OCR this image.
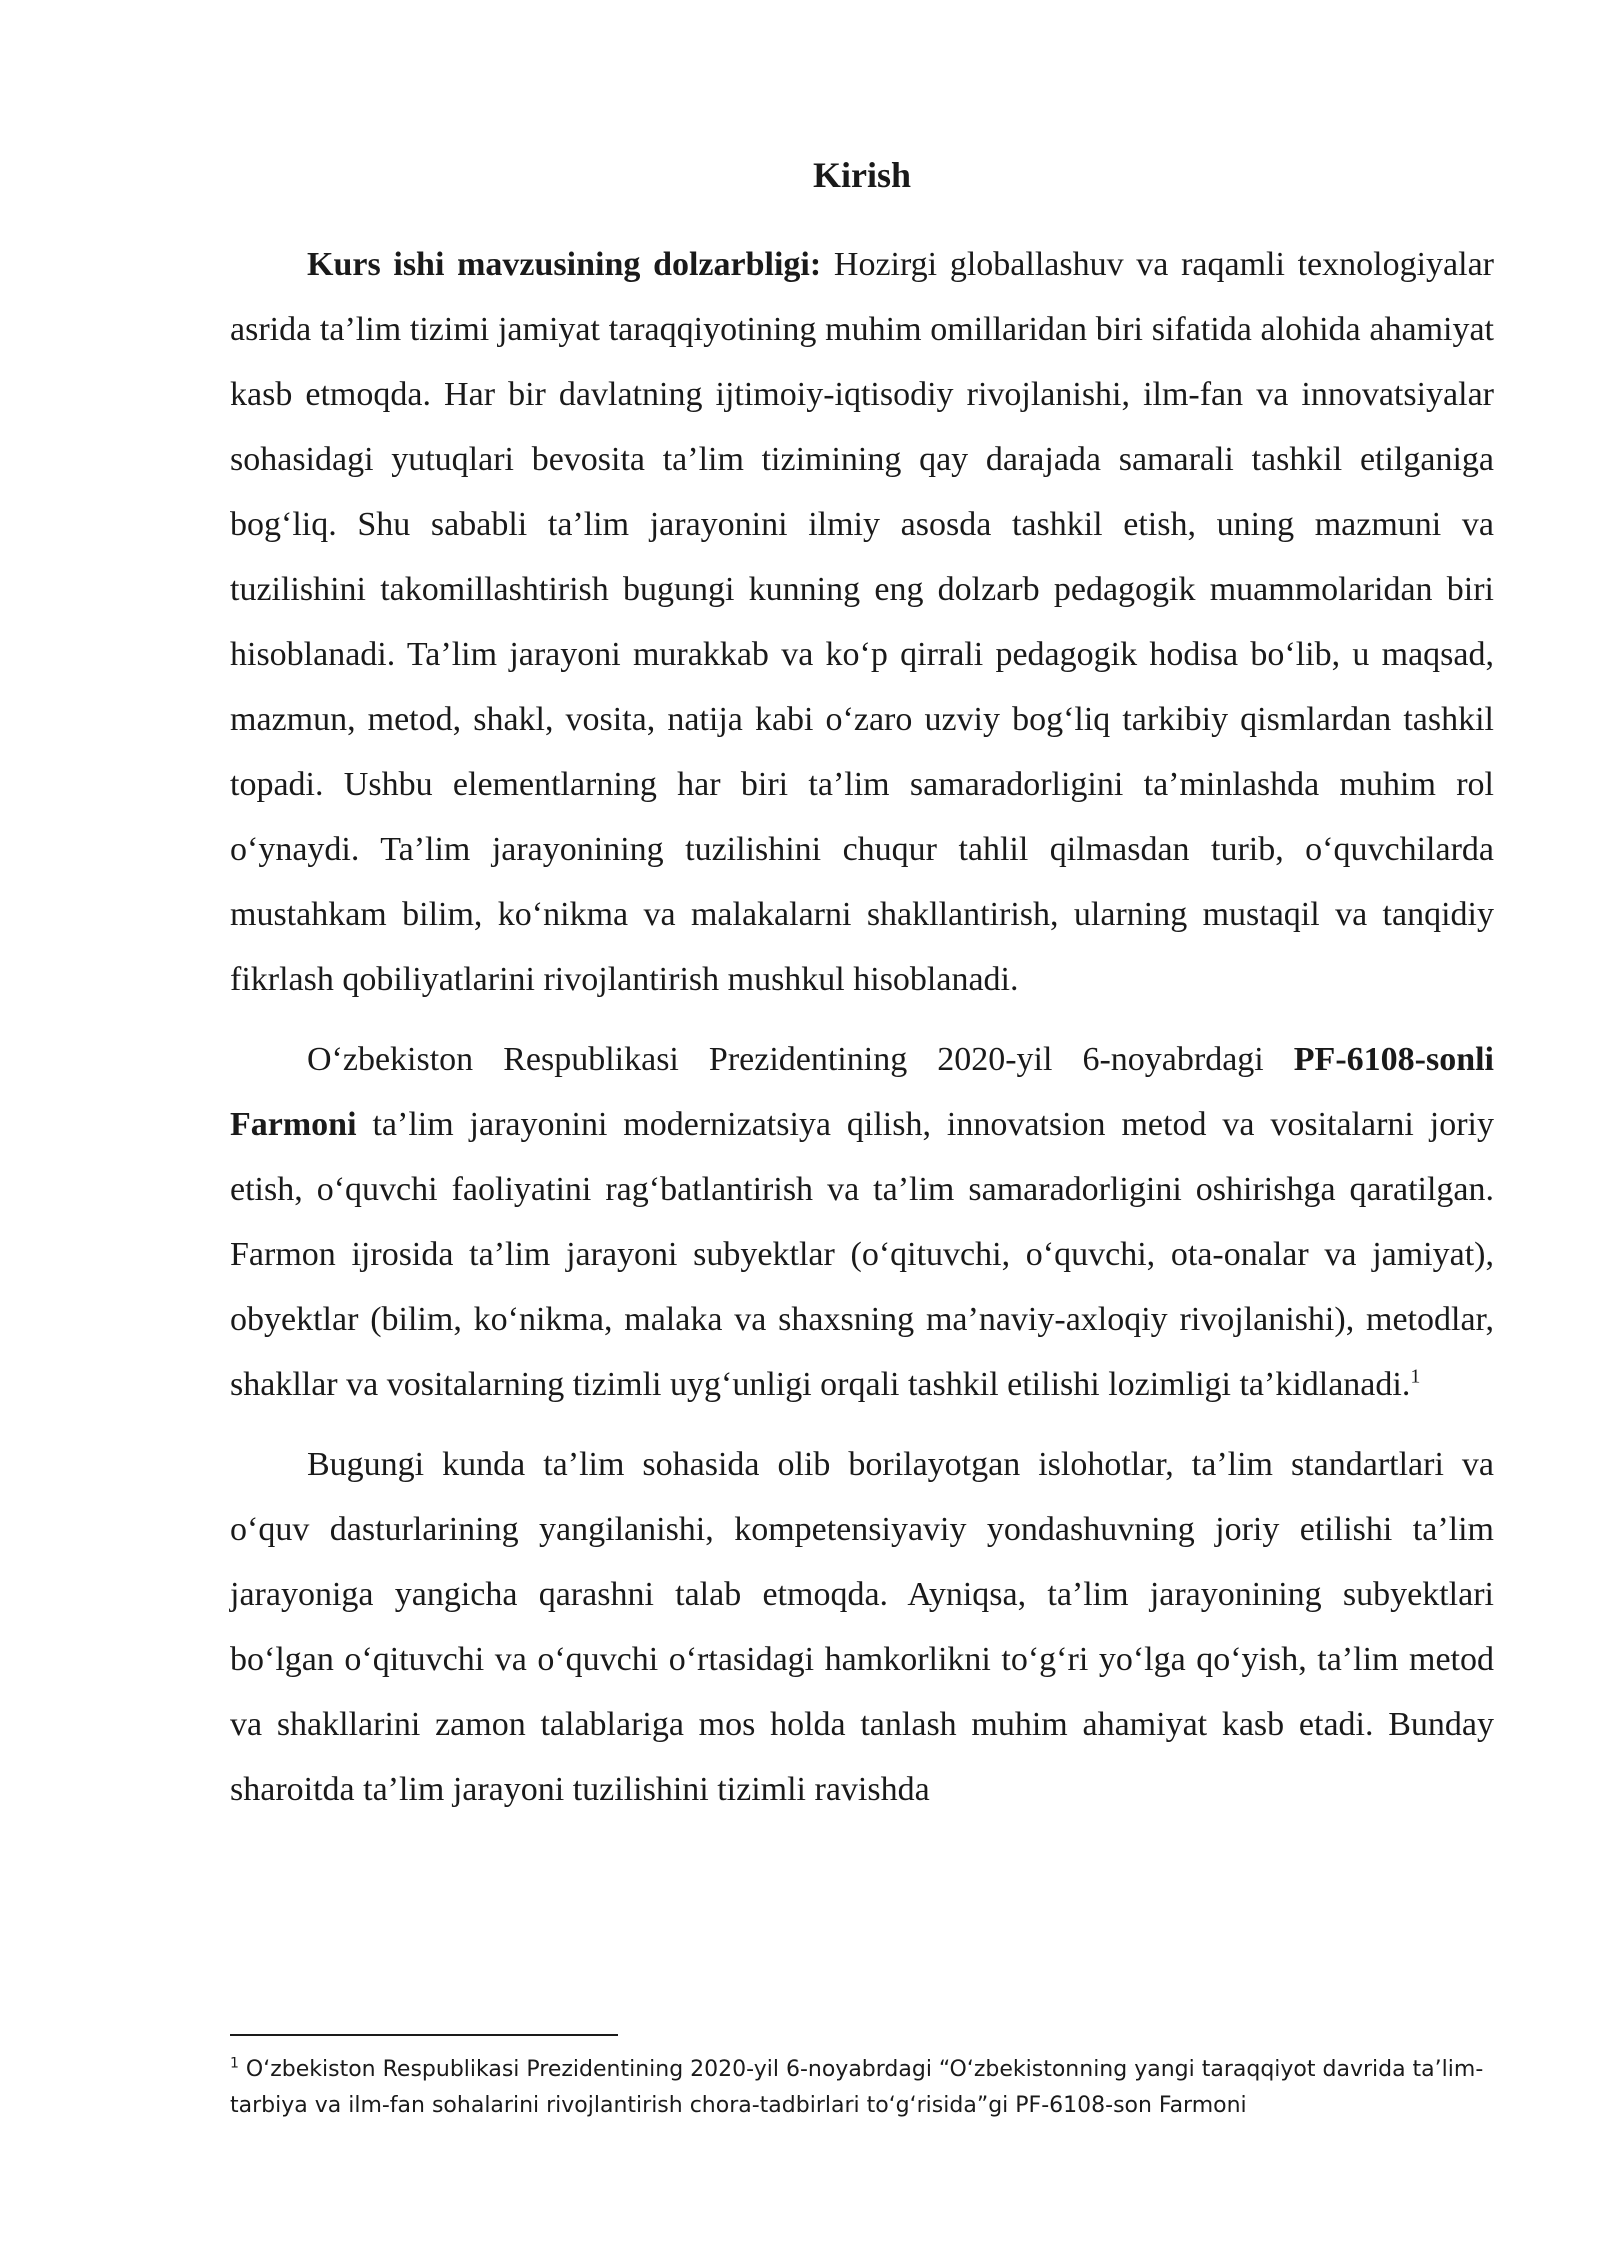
Kirish

Kurs ishi mavzusining dolzarbligi: Hozirgi globallashuv va raqamli texnologiyalar asrida ta’lim tizimi jamiyat taraqqiyotining muhim omillaridan biri sifatida alohida ahamiyat kasb etmoqda. Har bir davlatning ijtimoiy-iqtisodiy rivojlanishi, ilm-fan va innovatsiyalar sohasidagi yutuqlari bevosita ta’lim tizimining qay darajada samarali tashkil etilganiga bog‘liq. Shu sababli ta’lim jarayonini ilmiy asosda tashkil etish, uning mazmuni va tuzilishini takomillashtirish bugungi kunning eng dolzarb pedagogik muammolaridan biri hisoblanadi. Ta’lim jarayoni murakkab va ko‘p qirrali pedagogik hodisa bo‘lib, u maqsad, mazmun, metod, shakl, vosita, natija kabi o‘zaro uzviy bog‘liq tarkibiy qismlardan tashkil topadi. Ushbu elementlarning har biri ta’lim samaradorligini ta’minlashda muhim rol o‘ynaydi. Ta’lim jarayonining tuzilishini chuqur tahlil qilmasdan turib, o‘quvchilarda mustahkam bilim, ko‘nikma va malakalarni shakllantirish, ularning mustaqil va tanqidiy fikrlash qobiliyatlarini rivojlantirish mushkul hisoblanadi.

O‘zbekiston Respublikasi Prezidentining 2020-yil 6-noyabrdagi PF-6108-sonli Farmoni ta’lim jarayonini modernizatsiya qilish, innovatsion metod va vositalarni joriy etish, o‘quvchi faoliyatini rag‘batlantirish va ta’lim samaradorligini oshirishga qaratilgan. Farmon ijrosida ta’lim jarayoni subyektlar (o‘qituvchi, o‘quvchi, ota-onalar va jamiyat), obyektlar (bilim, ko‘nikma, malaka va shaxsning ma’naviy-axloqiy rivojlanishi), metodlar, shakllar va vositalarning tizimli uyg‘unligi orqali tashkil etilishi lozimligi ta’kidlanadi.$^1$

Bugungi kunda ta’lim sohasida olib borilayotgan islohotlar, ta’lim standartlari va o‘quv dasturlarining yangilanishi, kompetensiyaviy yondashuvning joriy etilishi ta’lim jarayoniga yangicha qarashni talab etmoqda. Ayniqsa, ta’lim jarayonining subyektlari bo‘lgan o‘qituvchi va o‘quvchi o‘rtasidagi hamkorlikni to‘g‘ri yo‘lga qo‘yish, ta’lim metod va shakllarini zamon talablariga mos holda tanlash muhim ahamiyat kasb etadi. Bunday sharoitda ta’lim jarayoni tuzilishini tizimli ravishda

$^1$ O‘zbekiston Respublikasi Prezidentining 2020-yil 6-noyabrdagi “O‘zbekistonning yangi taraqqiyot davrida ta’lim-tarbiya va ilm-fan sohalarini rivojlantirish chora-tadbirlari to‘g‘risida”gi PF-6108-son Farmoni
